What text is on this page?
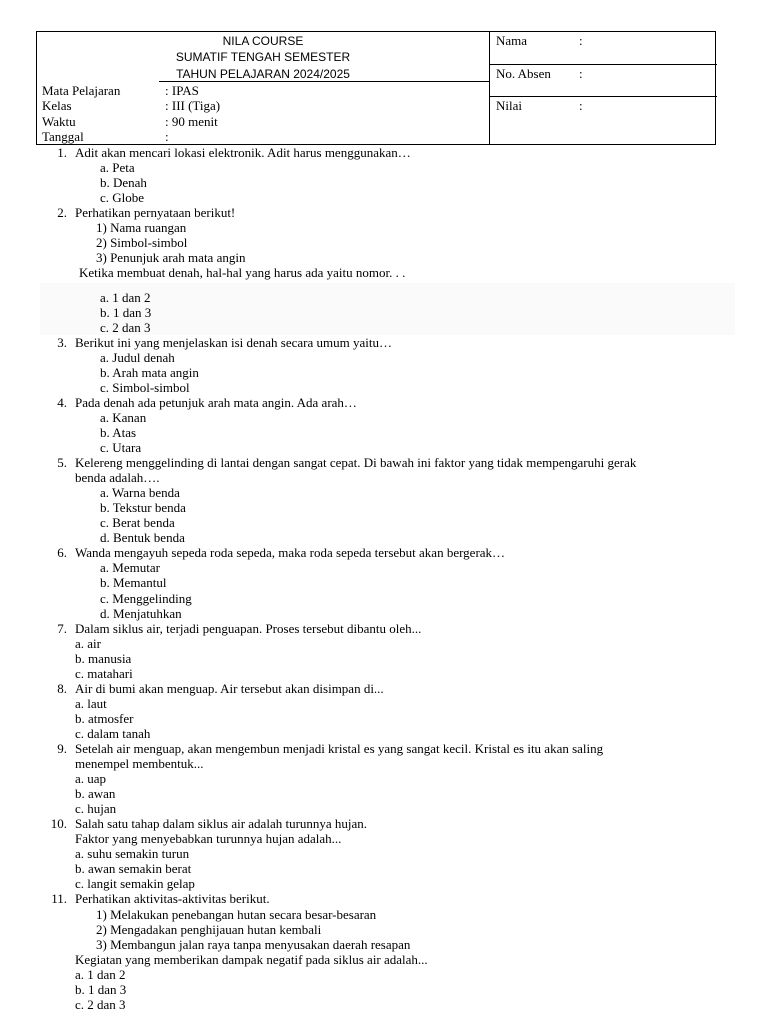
NILA COURSE
SUMATIF TENGAH SEMESTER
TAHUN PELAJARAN 2024/2025
Mata Pelajaran	: IPAS
Kelas	: III (Tiga)
Waktu	: 90 menit
Tanggal	:
Nama	:
No. Absen :
Nilai	:
1. Adit akan mencari lokasi elektronik. Adit harus menggunakan…
a. Peta
b. Denah
c. Globe
2. Perhatikan pernyataan berikut!
1) Nama ruangan
2) Simbol-simbol
3) Penunjuk arah mata angin
Ketika membuat denah, hal-hal yang harus ada yaitu nomor. . .
a. 1 dan 2
b. 1 dan 3
c. 2 dan 3
3. Berikut ini yang menjelaskan isi denah secara umum yaitu…
a. Judul denah
b. Arah mata angin
c. Simbol-simbol
4. Pada denah ada petunjuk arah mata angin. Ada arah…
a. Kanan
b. Atas
c. Utara
5. Kelereng menggelinding di lantai dengan sangat cepat. Di bawah ini faktor yang tidak mempengaruhi gerak
benda adalah….
a. Warna benda
b. Tekstur benda
c. Berat benda
d. Bentuk benda
6. Wanda mengayuh sepeda roda sepeda, maka roda sepeda tersebut akan bergerak…
a. Memutar
b. Memantul
c. Menggelinding
d. Menjatuhkan
7. Dalam siklus air, terjadi penguapan. Proses tersebut dibantu oleh...
a. air
b. manusia
c. matahari
8. Air di bumi akan menguap. Air tersebut akan disimpan di...
a. laut
b. atmosfer
c. dalam tanah
9. Setelah air menguap, akan mengembun menjadi kristal es yang sangat kecil. Kristal es itu akan saling
menempel membentuk...
a. uap
b. awan
c. hujan
10. Salah satu tahap dalam siklus air adalah turunnya hujan.
Faktor yang menyebabkan turunnya hujan adalah...
a. suhu semakin turun
b. awan semakin berat
c. langit semakin gelap
11. Perhatikan aktivitas-aktivitas berikut.
1) Melakukan penebangan hutan secara besar-besaran
2) Mengadakan penghijauan hutan kembali
3) Membangun jalan raya tanpa menyusakan daerah resapan
Kegiatan yang memberikan dampak negatif pada siklus air adalah...
a. 1 dan 2
b. 1 dan 3
c. 2 dan 3
